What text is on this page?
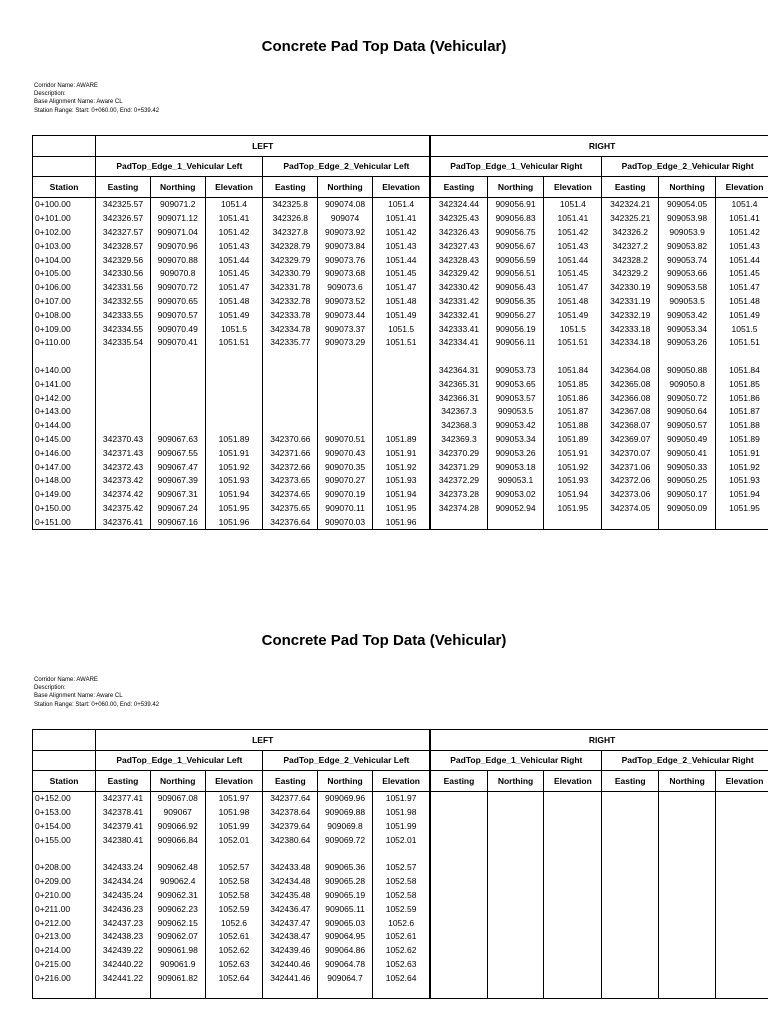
Concrete Pad Top Data (Vehicular)
Corridor Name: AWARE
Description:
Base Alignment Name: Aware CL
Station Range: Start: 0+060.00, End: 0+539.42
	LEFT						RIGHT					
	PadTop_Edge_1_Vehicular Left			PadTop_Edge_2_Vehicular Left			PadTop_Edge_1_Vehicular Right			PadTop_Edge_2_Vehicular Right		
Station	Easting	Northing	Elevation	Easting	Northing	Elevation	Easting	Northing	Elevation	Easting	Northing	Elevation
0+100.00	342325.57	909071.2	1051.4	342325.8	909074.08	1051.4	342324.44	909056.91	1051.4	342324.21	909054.05	1051.4
0+101.00	342326.57	909071.12	1051.41	342326.8	909074	1051.41	342325.43	909056.83	1051.41	342325.21	909053.98	1051.41
0+102.00	342327.57	909071.04	1051.42	342327.8	909073.92	1051.42	342326.43	909056.75	1051.42	342326.2	909053.9	1051.42
0+103.00	342328.57	909070.96	1051.43	342328.79	909073.84	1051.43	342327.43	909056.67	1051.43	342327.2	909053.82	1051.43
0+104.00	342329.56	909070.88	1051.44	342329.79	909073.76	1051.44	342328.43	909056.59	1051.44	342328.2	909053.74	1051.44
0+105.00	342330.56	909070.8	1051.45	342330.79	909073.68	1051.45	342329.42	909056.51	1051.45	342329.2	909053.66	1051.45
0+106.00	342331.56	909070.72	1051.47	342331.78	909073.6	1051.47	342330.42	909056.43	1051.47	342330.19	909053.58	1051.47
0+107.00	342332.55	909070.65	1051.48	342332.78	909073.52	1051.48	342331.42	909056.35	1051.48	342331.19	909053.5	1051.48
0+108.00	342333.55	909070.57	1051.49	342333.78	909073.44	1051.49	342332.41	909056.27	1051.49	342332.19	909053.42	1051.49
0+109.00	342334.55	909070.49	1051.5	342334.78	909073.37	1051.5	342333.41	909056.19	1051.5	342333.18	909053.34	1051.5
0+110.00	342335.54	909070.41	1051.51	342335.77	909073.29	1051.51	342334.41	909056.11	1051.51	342334.18	909053.26	1051.51

0+140.00							342364.31	909053.73	1051.84	342364.08	909050.88	1051.84
0+141.00							342365.31	909053.65	1051.85	342365.08	909050.8	1051.85
0+142.00							342366.31	909053.57	1051.86	342366.08	909050.72	1051.86
0+143.00							342367.3	909053.5	1051.87	342367.08	909050.64	1051.87
0+144.00							342368.3	909053.42	1051.88	342368.07	909050.57	1051.88
0+145.00	342370.43	909067.63	1051.89	342370.66	909070.51	1051.89	342369.3	909053.34	1051.89	342369.07	909050.49	1051.89
0+146.00	342371.43	909067.55	1051.91	342371.66	909070.43	1051.91	342370.29	909053.26	1051.91	342370.07	909050.41	1051.91
0+147.00	342372.43	909067.47	1051.92	342372.66	909070.35	1051.92	342371.29	909053.18	1051.92	342371.06	909050.33	1051.92
0+148.00	342373.42	909067.39	1051.93	342373.65	909070.27	1051.93	342372.29	909053.1	1051.93	342372.06	909050.25	1051.93
0+149.00	342374.42	909067.31	1051.94	342374.65	909070.19	1051.94	342373.28	909053.02	1051.94	342373.06	909050.17	1051.94
0+150.00	342375.42	909067.24	1051.95	342375.65	909070.11	1051.95	342374.28	909052.94	1051.95	342374.05	909050.09	1051.95
0+151.00	342376.41	909067.16	1051.96	342376.64	909070.03	1051.96						
Concrete Pad Top Data (Vehicular)
Corridor Name: AWARE
Description:
Base Alignment Name: Aware CL
Station Range: Start: 0+060.00, End: 0+539.42
	LEFT						RIGHT					
	PadTop_Edge_1_Vehicular Left			PadTop_Edge_2_Vehicular Left			PadTop_Edge_1_Vehicular Right			PadTop_Edge_2_Vehicular Right		
Station	Easting	Northing	Elevation	Easting	Northing	Elevation	Easting	Northing	Elevation	Easting	Northing	Elevation
0+152.00	342377.41	909067.08	1051.97	342377.64	909069.96	1051.97						
0+153.00	342378.41	909067	1051.98	342378.64	909069.88	1051.98						
0+154.00	342379.41	909066.92	1051.99	342379.64	909069.8	1051.99						
0+155.00	342380.41	909066.84	1052.01	342380.64	909069.72	1052.01						

0+208.00	342433.24	909062.48	1052.57	342433.48	909065.36	1052.57						
0+209.00	342434.24	909062.4	1052.58	342434.48	909065.28	1052.58						
0+210.00	342435.24	909062.31	1052.58	342435.48	909065.19	1052.58						
0+211.00	342436.23	909062.23	1052.59	342436.47	909065.11	1052.59						
0+212.00	342437.23	909062.15	1052.6	342437.47	909065.03	1052.6						
0+213.00	342438.23	909062.07	1052.61	342438.47	909064.95	1052.61						
0+214.00	342439.22	909061.98	1052.62	342439.46	909064.86	1052.62						
0+215.00	342440.22	909061.9	1052.63	342440.46	909064.78	1052.63						
0+216.00	342441.22	909061.82	1052.64	342441.46	909064.7	1052.64						
